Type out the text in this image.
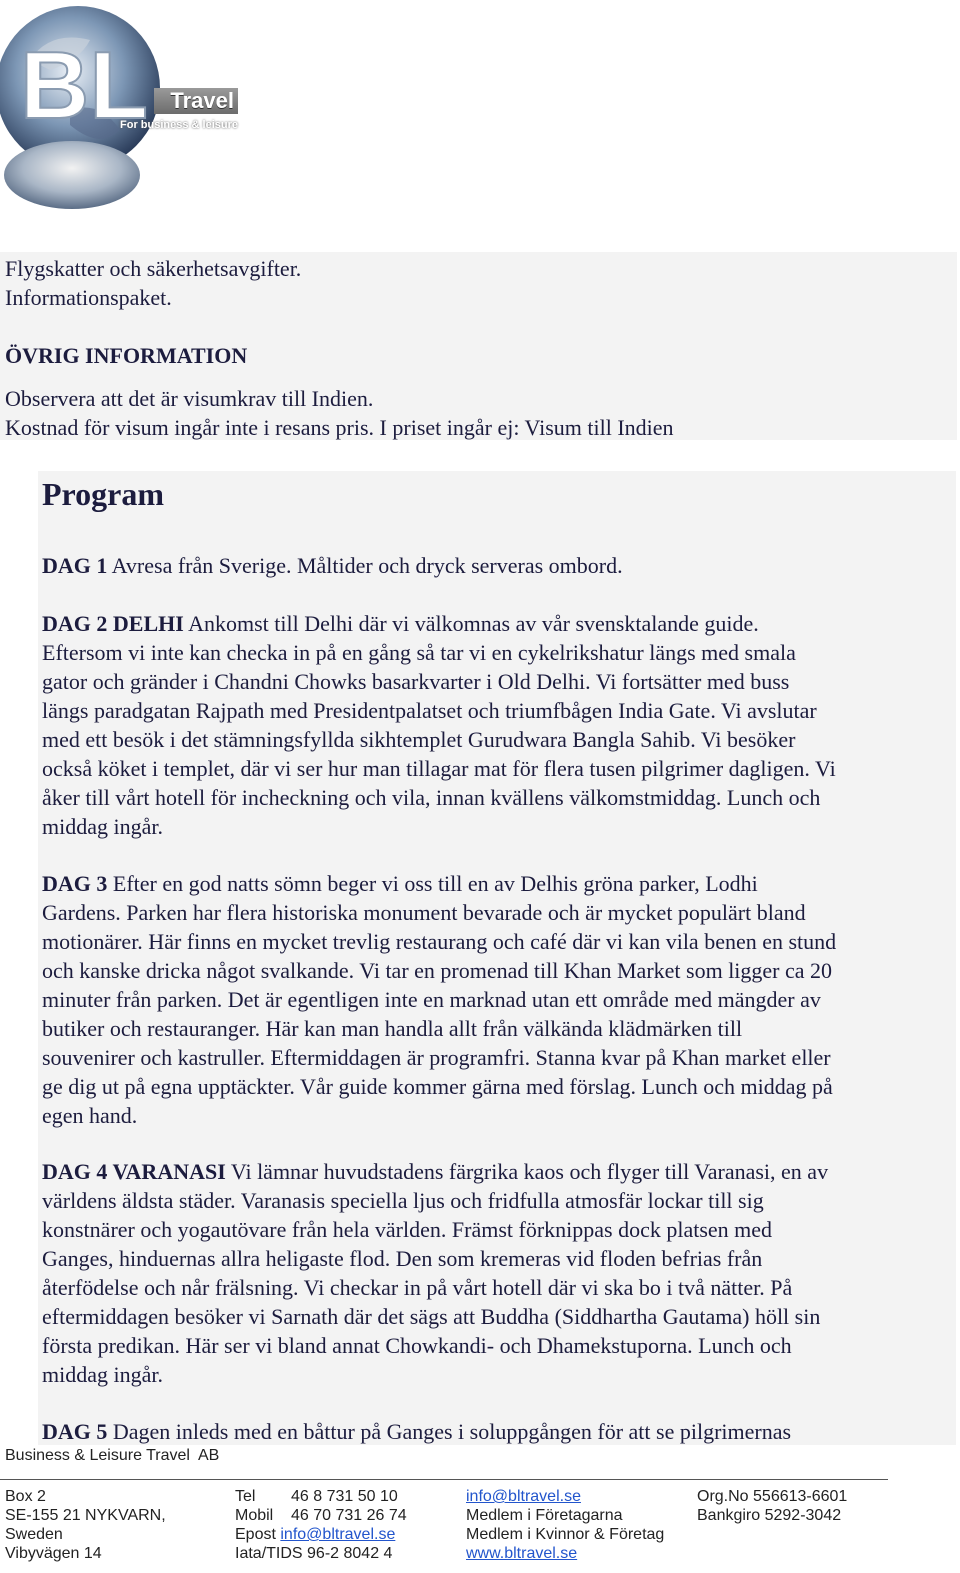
BL	Travel
For business & leisure
Flygskatter och säkerhetsavgifter.
Informationspaket.
ÖVRIG INFORMATION
Observera att det är visumkrav till Indien.
Kostnad för visum ingår inte i resans pris. I priset ingår ej: Visum till Indien
Program
DAG 1 Avresa från Sverige. Måltider och dryck serveras ombord.
DAG 2 DELHI Ankomst till Delhi där vi välkomnas av vår svensktalande guide.
Eftersom vi inte kan checka in på en gång så tar vi en cykelrikshatur längs med smala
gator och gränder i Chandni Chowks basarkvarter i Old Delhi. Vi fortsätter med buss
längs paradgatan Rajpath med Presidentpalatset och triumfbågen India Gate. Vi avslutar
med ett besök i det stämningsfyllda sikhtemplet Gurudwara Bangla Sahib. Vi besöker
också köket i templet, där vi ser hur man tillagar mat för flera tusen pilgrimer dagligen. Vi
åker till vårt hotell för incheckning och vila, innan kvällens välkomstmiddag. Lunch och
middag ingår.
DAG 3 Efter en god natts sömn beger vi oss till en av Delhis gröna parker, Lodhi
Gardens. Parken har flera historiska monument bevarade och är mycket populärt bland
motionärer. Här finns en mycket trevlig restaurang och café där vi kan vila benen en stund
och kanske dricka något svalkande. Vi tar en promenad till Khan Market som ligger ca 20
minuter från parken. Det är egentligen inte en marknad utan ett område med mängder av
butiker och restauranger. Här kan man handla allt från välkända klädmärken till
souvenirer och kastruller. Eftermiddagen är programfri. Stanna kvar på Khan market eller
ge dig ut på egna upptäckter. Vår guide kommer gärna med förslag. Lunch och middag på
egen hand.
DAG 4 VARANASI Vi lämnar huvudstadens färgrika kaos och flyger till Varanasi, en av
världens äldsta städer. Varanasis speciella ljus och fridfulla atmosfär lockar till sig
konstnärer och yogautövare från hela världen. Främst förknippas dock platsen med
Ganges, hinduernas allra heligaste flod. Den som kremeras vid floden befrias från
återfödelse och når frälsning. Vi checkar in på vårt hotell där vi ska bo i två nätter. På
eftermiddagen besöker vi Sarnath där det sägs att Buddha (Siddhartha Gautama) höll sin
första predikan. Här ser vi bland annat Chowkandi- och Dhamekstuporna. Lunch och
middag ingår.
DAG 5 Dagen inleds med en båttur på Ganges i soluppgången för att se pilgrimernas
Business & Leisure Travel  AB
Box 2
SE-155 21 NYKVARN,
Sweden
Vibyvägen 14
Tel 46 8 731 50 10
Mobil 46 70 731 26 74
Epost info@bltravel.se
Iata/TIDS 96-2 8042 4
info@bltravel.se
Medlem i Företagarna
Medlem i Kvinnor & Företag
www.bltravel.se
Org.No 556613-6601
Bankgiro 5292-3042
